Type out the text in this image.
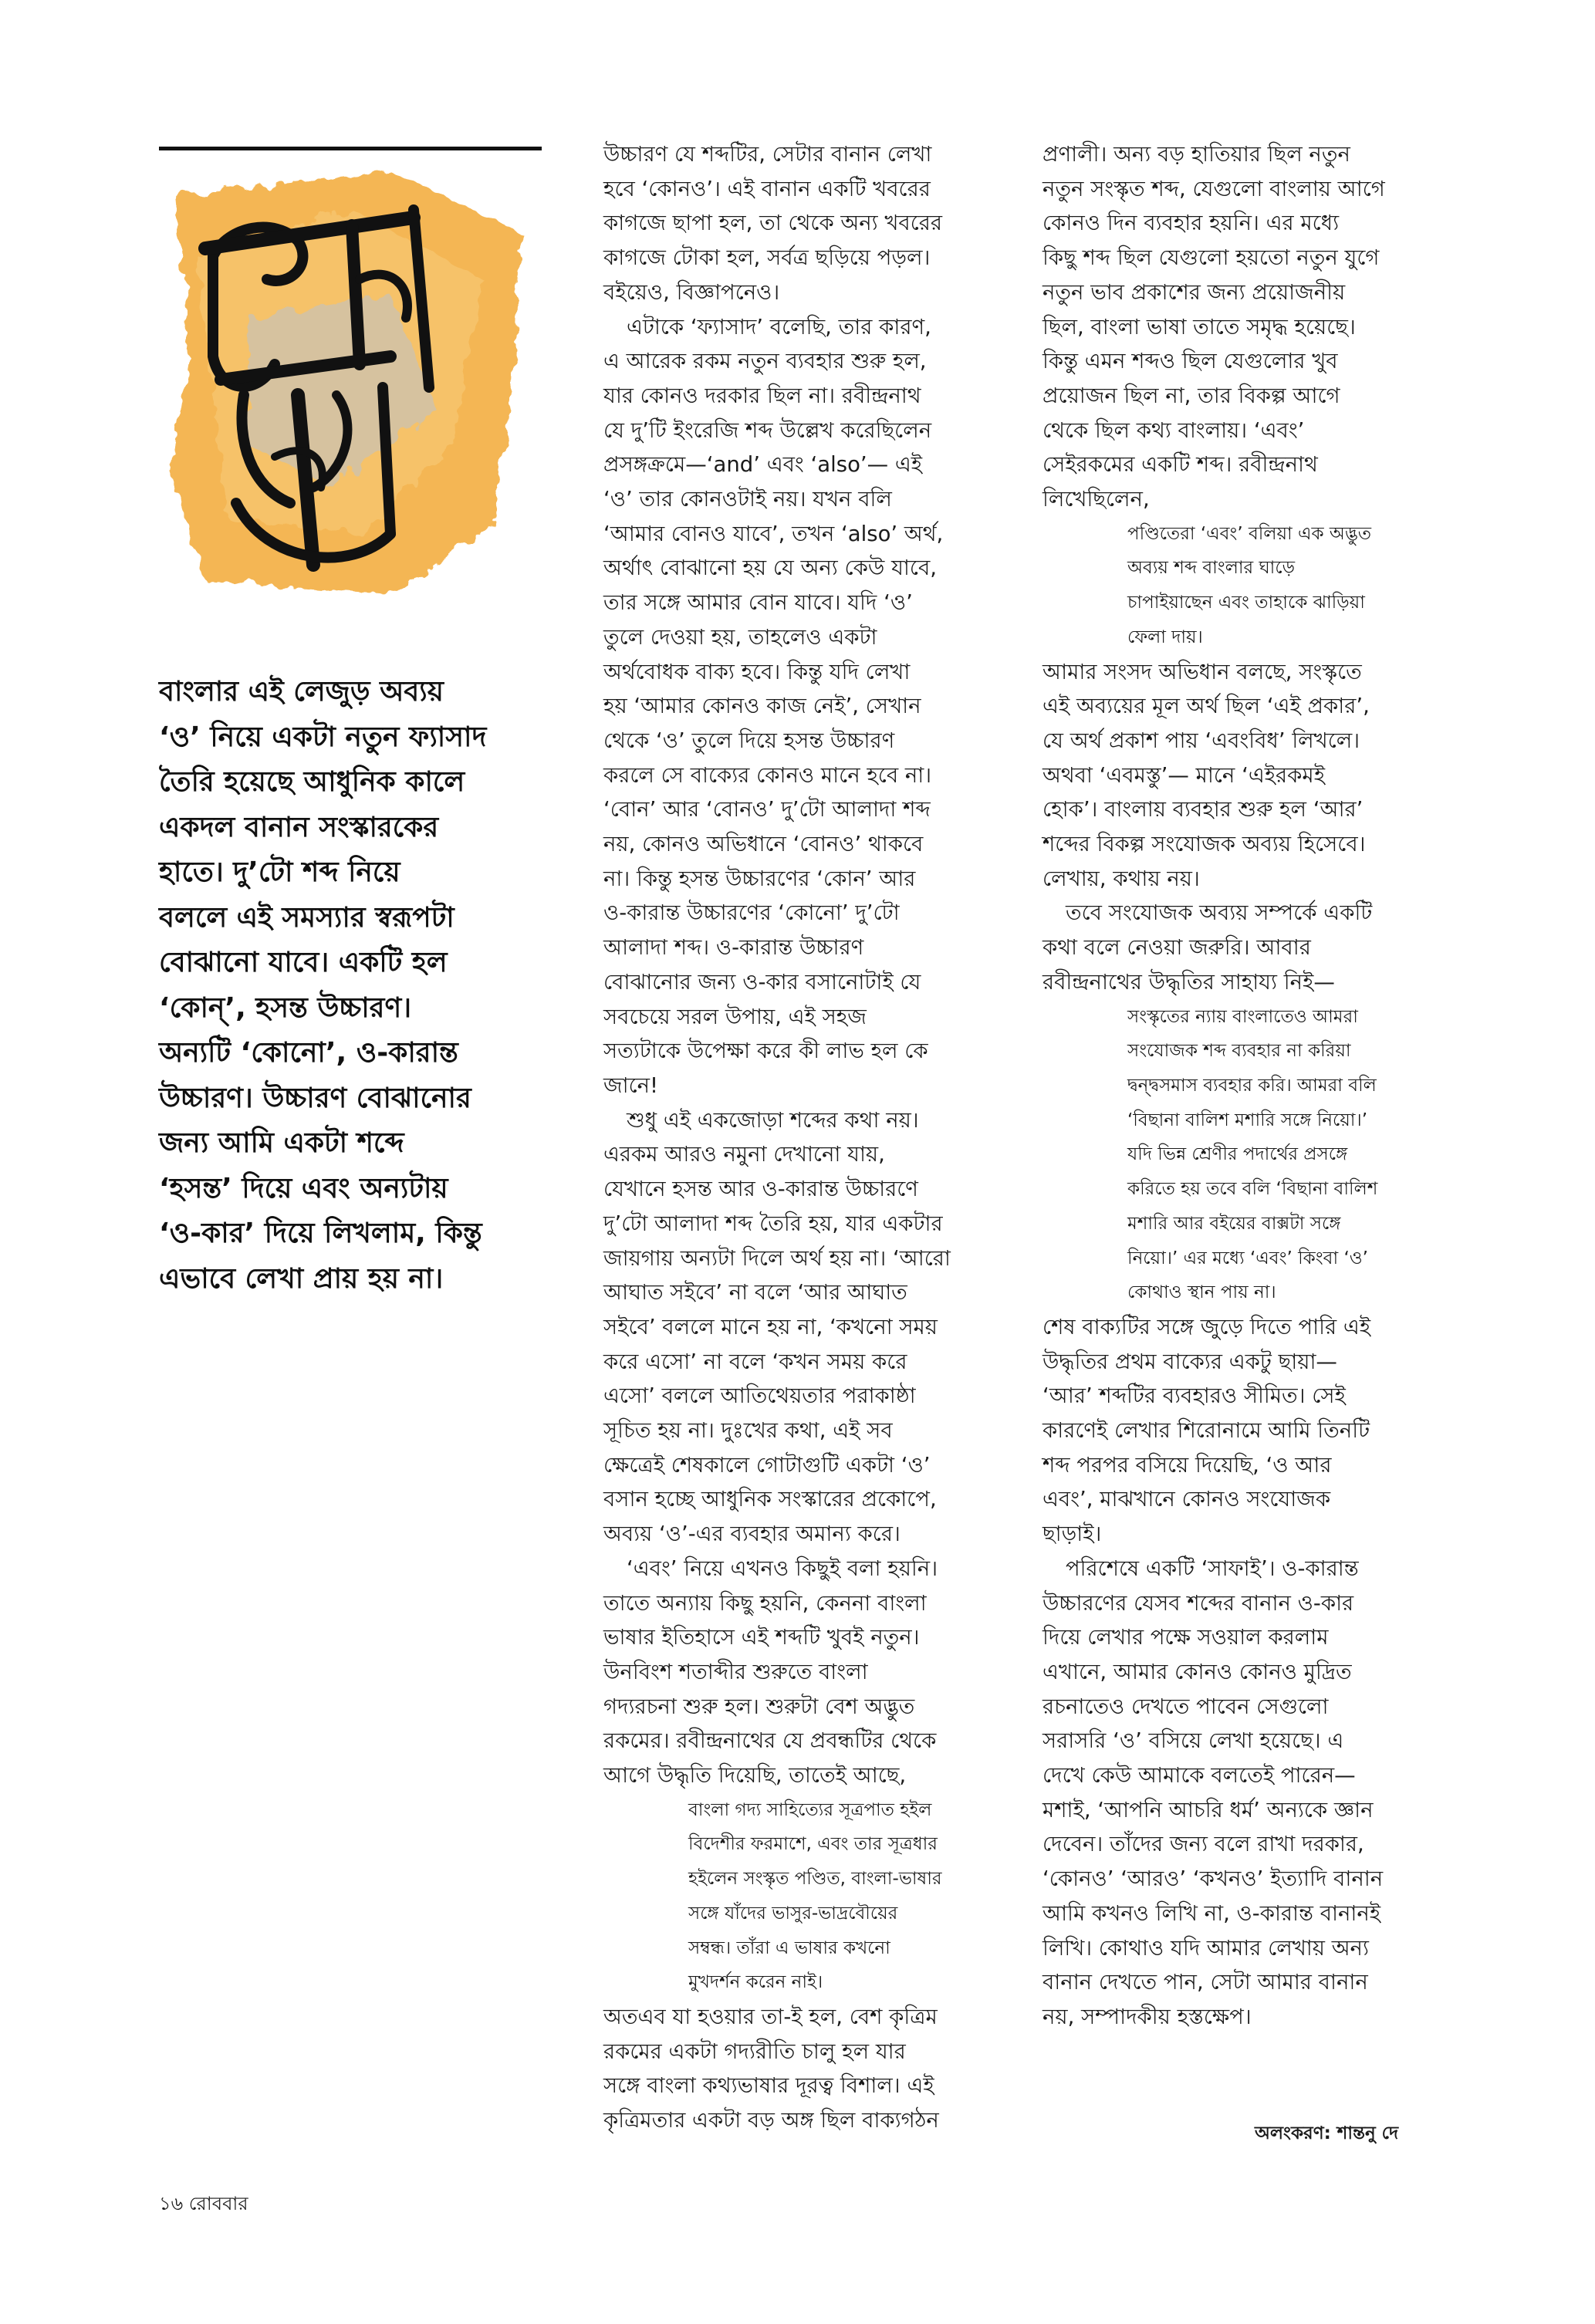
বাংলার এই লেজুড় অব্যয়
‘ও’ নিয়ে একটা নতুন ফ্যাসাদ
তৈরি হয়েছে আধুনিক কালে
একদল বানান সংস্কারকের
হাতে। দু’টো শব্দ নিয়ে
বললে এই সমস্যার স্বরূপটা
বোঝানো যাবে। একটি হল
‘কোন্’, হসন্ত উচ্চারণ।
অন্যটি ‘কোনো’, ও-কারান্ত
উচ্চারণ। উচ্চারণ বোঝানোর
জন্য আমি একটা শব্দে
‘হসন্ত’ দিয়ে এবং অন্যটায়
‘ও-কার’ দিয়ে লিখলাম, কিন্তু
এভাবে লেখা প্রায় হয় না।
উচ্চারণ যে শব্দটির, সেটার বানান লেখা
হবে ‘কোনও’। এই বানান একটি খবরের
কাগজে ছাপা হল, তা থেকে অন্য খবরের
কাগজে টোকা হল, সর্বত্র ছড়িয়ে পড়ল।
বইয়েও, বিজ্ঞাপনেও।
এটাকে ‘ফ্যাসাদ’ বলেছি, তার কারণ,
এ আরেক রকম নতুন ব্যবহার শুরু হল,
যার কোনও দরকার ছিল না। রবীন্দ্রনাথ
যে দু’টি ইংরেজি শব্দ উল্লেখ করেছিলেন
প্রসঙ্গক্রমে—‘and’ এবং ‘also’— এই
‘ও’ তার কোনওটাই নয়। যখন বলি
‘আমার বোনও যাবে’, তখন ‘also’ অর্থ,
অর্থাৎ বোঝানো হয় যে অন্য কেউ যাবে,
তার সঙ্গে আমার বোন যাবে। যদি ‘ও’
তুলে দেওয়া হয়, তাহলেও একটা
অর্থবোধক বাক্য হবে। কিন্তু যদি লেখা
হয় ‘আমার কোনও কাজ নেই’, সেখান
থেকে ‘ও’ তুলে দিয়ে হসন্ত উচ্চারণ
করলে সে বাক্যের কোনও মানে হবে না।
‘বোন’ আর ‘বোনও’ দু’টো আলাদা শব্দ
নয়, কোনও অভিধানে ‘বোনও’ থাকবে
না। কিন্তু হসন্ত উচ্চারণের ‘কোন’ আর
ও-কারান্ত উচ্চারণের ‘কোনো’ দু’টো
আলাদা শব্দ। ও-কারান্ত উচ্চারণ
বোঝানোর জন্য ও-কার বসানোটাই যে
সবচেয়ে সরল উপায়, এই সহজ
সত্যটাকে উপেক্ষা করে কী লাভ হল কে
জানে!
শুধু এই একজোড়া শব্দের কথা নয়।
এরকম আরও নমুনা দেখানো যায়,
যেখানে হসন্ত আর ও-কারান্ত উচ্চারণে
দু’টো আলাদা শব্দ তৈরি হয়, যার একটার
জায়গায় অন্যটা দিলে অর্থ হয় না। ‘আরো
আঘাত সইবে’ না বলে ‘আর আঘাত
সইবে’ বললে মানে হয় না, ‘কখনো সময়
করে এসো’ না বলে ‘কখন সময় করে
এসো’ বললে আতিথেয়তার পরাকাষ্ঠা
সূচিত হয় না। দুঃখের কথা, এই সব
ক্ষেত্রেই শেষকালে গোটাগুটি একটা ‘ও’
বসান হচ্ছে আধুনিক সংস্কারের প্রকোপে,
অব্যয় ‘ও’-এর ব্যবহার অমান্য করে।
‘এবং’ নিয়ে এখনও কিছুই বলা হয়নি।
তাতে অন্যায় কিছু হয়নি, কেননা বাংলা
ভাষার ইতিহাসে এই শব্দটি খুবই নতুন।
উনবিংশ শতাব্দীর শুরুতে বাংলা
গদ্যরচনা শুরু হল। শুরুটা বেশ অদ্ভুত
রকমের। রবীন্দ্রনাথের যে প্রবন্ধটির থেকে
আগে উদ্ধৃতি দিয়েছি, তাতেই আছে,
বাংলা গদ্য সাহিত্যের সূত্রপাত হইল
বিদেশীর ফরমাশে, এবং তার সূত্রধার
হইলেন সংস্কৃত পণ্ডিত, বাংলা-ভাষার
সঙ্গে যাঁদের ভাসুর-ভাদ্রবৌয়ের
সম্বন্ধ। তাঁরা এ ভাষার কখনো
মুখদর্শন করেন নাই।
অতএব যা হওয়ার তা-ই হল, বেশ কৃত্রিম
রকমের একটা গদ্যরীতি চালু হল যার
সঙ্গে বাংলা কথ্যভাষার দূরত্ব বিশাল। এই
কৃত্রিমতার একটা বড় অঙ্গ ছিল বাক্যগঠন
প্রণালী। অন্য বড় হাতিয়ার ছিল নতুন
নতুন সংস্কৃত শব্দ, যেগুলো বাংলায় আগে
কোনও দিন ব্যবহার হয়নি। এর মধ্যে
কিছু শব্দ ছিল যেগুলো হয়তো নতুন যুগে
নতুন ভাব প্রকাশের জন্য প্রয়োজনীয়
ছিল, বাংলা ভাষা তাতে সমৃদ্ধ হয়েছে।
কিন্তু এমন শব্দও ছিল যেগুলোর খুব
প্রয়োজন ছিল না, তার বিকল্প আগে
থেকে ছিল কথ্য বাংলায়। ‘এবং’
সেইরকমের একটি শব্দ। রবীন্দ্রনাথ
লিখেছিলেন,
পণ্ডিতেরা ‘এবং’ বলিয়া এক অদ্ভুত
অব্যয় শব্দ বাংলার ঘাড়ে
চাপাইয়াছেন এবং তাহাকে ঝাড়িয়া
ফেলা দায়।
আমার সংসদ অভিধান বলছে, সংস্কৃতে
এই অব্যয়ের মূল অর্থ ছিল ‘এই প্রকার’,
যে অর্থ প্রকাশ পায় ‘এবংবিধ’ লিখলে।
অথবা ‘এবমস্তু’— মানে ‘এইরকমই
হোক’। বাংলায় ব্যবহার শুরু হল ‘আর’
শব্দের বিকল্প সংযোজক অব্যয় হিসেবে।
লেখায়, কথায় নয়।
তবে সংযোজক অব্যয় সম্পর্কে একটি
কথা বলে নেওয়া জরুরি। আবার
রবীন্দ্রনাথের উদ্ধৃতির সাহায্য নিই—
সংস্কৃতের ন্যায় বাংলাতেও আমরা
সংযোজক শব্দ ব্যবহার না করিয়া
দ্বন্দ্বসমাস ব্যবহার করি। আমরা বলি
‘বিছানা বালিশ মশারি সঙ্গে নিয়ো।’
যদি ভিন্ন শ্রেণীর পদার্থের প্রসঙ্গে
করিতে হয় তবে বলি ‘বিছানা বালিশ
মশারি আর বইয়ের বাক্সটা সঙ্গে
নিয়ো।’ এর মধ্যে ‘এবং’ কিংবা ‘ও’
কোথাও স্থান পায় না।
শেষ বাক্যটির সঙ্গে জুড়ে দিতে পারি এই
উদ্ধৃতির প্রথম বাক্যের একটু ছায়া—
‘আর’ শব্দটির ব্যবহারও সীমিত। সেই
কারণেই লেখার শিরোনামে আমি তিনটি
শব্দ পরপর বসিয়ে দিয়েছি, ‘ও আর
এবং’, মাঝখানে কোনও সংযোজক
ছাড়াই।
পরিশেষে একটি ‘সাফাই’। ও-কারান্ত
উচ্চারণের যেসব শব্দের বানান ও-কার
দিয়ে লেখার পক্ষে সওয়াল করলাম
এখানে, আমার কোনও কোনও মুদ্রিত
রচনাতেও দেখতে পাবেন সেগুলো
সরাসরি ‘ও’ বসিয়ে লেখা হয়েছে। এ
দেখে কেউ আমাকে বলতেই পারেন—
মশাই, ‘আপনি আচরি ধর্ম’ অন্যকে জ্ঞান
দেবেন। তাঁদের জন্য বলে রাখা দরকার,
‘কোনও’ ‘আরও’ ‘কখনও’ ইত্যাদি বানান
আমি কখনও লিখি না, ও-কারান্ত বানানই
লিখি। কোথাও যদি আমার লেখায় অন্য
বানান দেখতে পান, সেটা আমার বানান
নয়, সম্পাদকীয় হস্তক্ষেপ।
অলংকরণ: শান্তনু দে
১৬ রোববার
